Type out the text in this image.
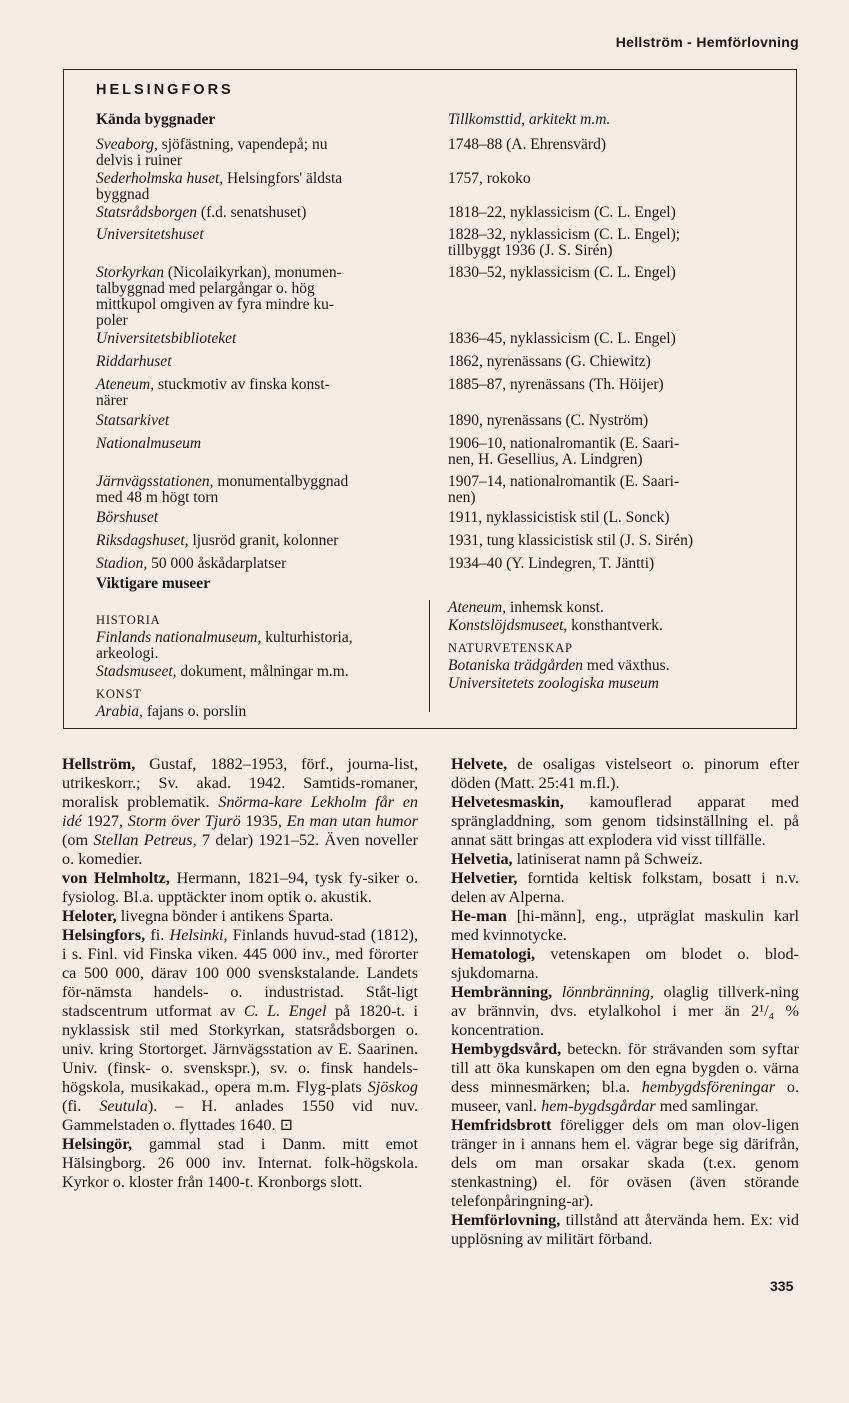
Hellström - Hemförlovning
HELSINGFORS
Kända byggnader
Sveaborg, sjöfästning, vapendepå; nu
delvis i ruiner
Sederholmska huset, Helsingfors' äldsta
byggnad
Statsrådsborgen (f.d. senatshuset)
Universitetshuset
Storkyrkan (Nicolaikyrkan), monumen-
talbyggnad med pelargångar o. hög
mittkupol omgiven av fyra mindre ku-
poler
Universitetsbiblioteket
Riddarhuset
Ateneum, stuckmotiv av finska konst-
närer
Statsarkivet
Nationalmuseum
Järnvägsstationen, monumentalbyggnad
med 48 m högt torn
Börshuset
Riksdagshuset, ljusröd granit, kolonner
Stadion, 50 000 åskådarplatser
Tillkomsttid, arkitekt m.m.
1748–88 (A. Ehrensvärd)
1757, rokoko
1818–22, nyklassicism (C. L. Engel)
1828–32, nyklassicism (C. L. Engel);
tillbyggt 1936 (J. S. Sirén)
1830–52, nyklassicism (C. L. Engel)
1836–45, nyklassicism (C. L. Engel)
1862, nyrenässans (G. Chiewitz)
1885–87, nyrenässans (Th. Höijer)
1890, nyrenässans (C. Nyström)
1906–10, nationalromantik (E. Saari-
nen, H. Gesellius, A. Lindgren)
1907–14, nationalromantik (E. Saari-
nen)
1911, nyklassicistisk stil (L. Sonck)
1931, tung klassicistisk stil (J. S. Sirén)
1934–40 (Y. Lindegren, T. Jäntti)
Viktigare museer
HISTORIA
Finlands nationalmuseum, kulturhistoria,
arkeologi.
Stadsmuseet, dokument, målningar m.m.
KONST
Arabia, fajans o. porslin
Ateneum, inhemsk konst.
Konstslöjdsmuseet, konsthantverk.
NATURVETENSKAP
Botaniska trädgården med växthus.
Universitetets zoologiska museum

Hellström, Gustaf, 1882–1953, förf., journa-list, utrikeskorr.; Sv. akad. 1942. Samtids-romaner, moralisk problematik. Snörma-kare Lekholm får en idé 1927, Storm över Tjurö 1935, En man utan humor (om Stellan Petreus, 7 delar) 1921–52. Även noveller o. komedier.

von Helmholtz, Hermann, 1821–94, tysk fy-siker o. fysiolog. Bl.a. upptäckter inom optik o. akustik.

Heloter, livegna bönder i antikens Sparta.

Helsingfors, fi. Helsinki, Finlands huvud-stad (1812), i s. Finl. vid Finska viken. 445 000 inv., med förorter ca 500 000, därav 100 000 svenskstalande. Landets för-nämsta handels- o. industristad. Ståt-ligt stadscentrum utformat av C. L. Engel på 1820-t. i nyklassisk stil med Storkyrkan, statsrådsborgen o. univ. kring Stortorget. Järnvägsstation av E. Saarinen. Univ. (finsk- o. svenskspr.), sv. o. finsk handels-högskola, musikakad., opera m.m. Flyg-plats Sjöskog (fi. Seutula). – H. anlades 1550 vid nuv. Gammelstaden o. flyttades 1640. ⊡

Helsingör, gammal stad i Danm. mitt emot Hälsingborg. 26 000 inv. Internat. folk-högskola. Kyrkor o. kloster från 1400-t. Kronborgs slott.

Helvete, de osaligas vistelseort o. pinorum efter döden (Matt. 25:41 m.fl.).

Helvetesmaskin, kamouflerad apparat med sprängladdning, som genom tidsinställning el. på annat sätt bringas att explodera vid visst tillfälle.

Helvetia, latiniserat namn på Schweiz.

Helvetier, forntida keltisk folkstam, bosatt i n.v. delen av Alperna.

He-man [hi-männ], eng., utpräglat maskulin karl med kvinnotycke.

Hematologi, vetenskapen om blodet o. blod-sjukdomarna.

Hembränning, lönnbränning, olaglig tillverk-ning av brännvin, dvs. etylalkohol i mer än 2¹/₄ % koncentration.

Hembygdsvård, beteckn. för strävanden som syftar till att öka kunskapen om den egna bygden o. värna dess minnesmärken; bl.a. hembygdsföreningar o. museer, vanl. hem-bygdsgårdar med samlingar.

Hemfridsbrott föreligger dels om man olov-ligen tränger in i annans hem el. vägrar bege sig därifrån, dels om man orsakar skada (t.ex. genom stenkastning) el. för oväsen (även störande telefonpåringning-ar).

Hemförlovning, tillstånd att återvända hem. Ex: vid upplösning av militärt förband.

335
